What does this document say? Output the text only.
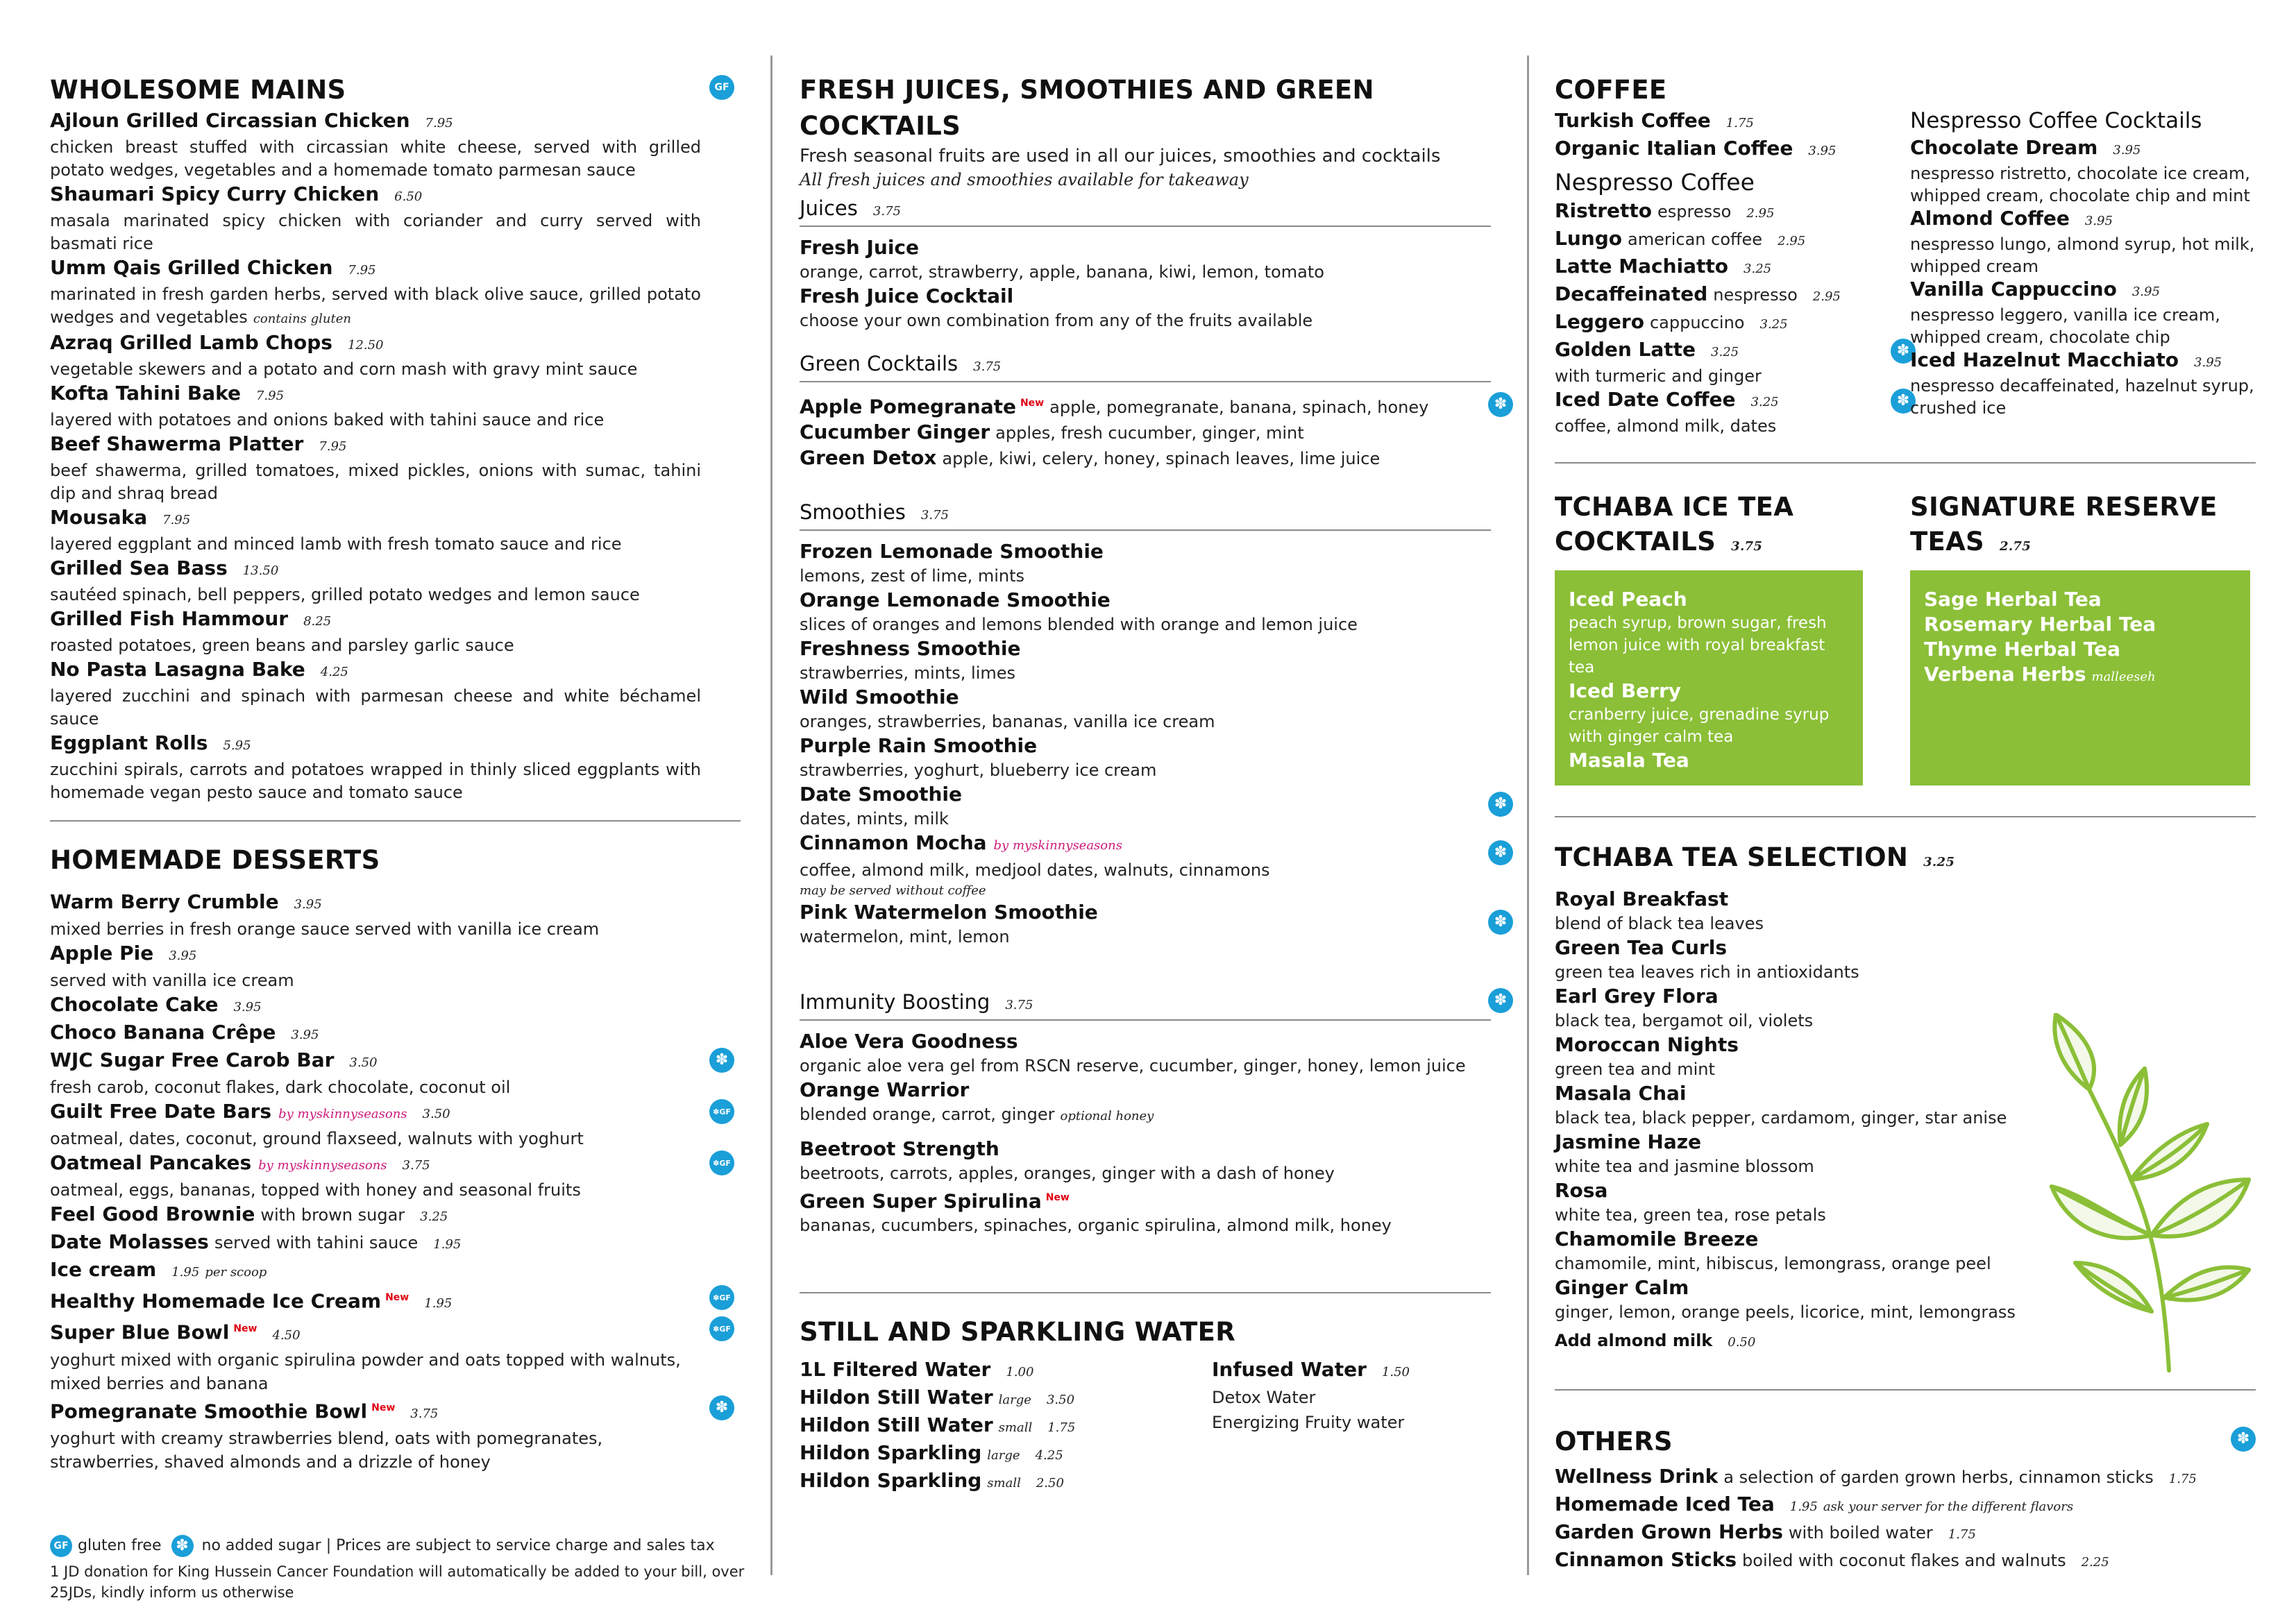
WHOLESOME MAINS
GF
Ajloun Grilled Circassian Chicken 7.95
chicken breast stuffed with circassian white cheese, served with grilled potato wedges, vegetables and a homemade tomato parmesan sauce
Shaumari Spicy Curry Chicken 6.50
masala marinated spicy chicken with coriander and curry served with basmati rice
Umm Qais Grilled Chicken 7.95
marinated in fresh garden herbs, served with black olive sauce, grilled potato wedges and vegetables contains gluten
Azraq Grilled Lamb Chops 12.50
vegetable skewers and a potato and corn mash with gravy mint sauce
Kofta Tahini Bake 7.95
layered with potatoes and onions baked with tahini sauce and rice
Beef Shawerma Platter 7.95
beef shawerma, grilled tomatoes, mixed pickles, onions with sumac, tahini dip and shraq bread
Mousaka 7.95
layered eggplant and minced lamb with fresh tomato sauce and rice
Grilled Sea Bass 13.50
sautéed spinach, bell peppers, grilled potato wedges and lemon sauce
Grilled Fish Hammour 8.25
roasted potatoes, green beans and parsley garlic sauce
No Pasta Lasagna Bake 4.25
layered zucchini and spinach with parmesan cheese and white béchamel sauce
Eggplant Rolls 5.95
zucchini spirals, carrots and potatoes wrapped in thinly sliced eggplants with homemade vegan pesto sauce and tomato sauce
HOMEMADE DESSERTS
Warm Berry Crumble 3.95
mixed berries in fresh orange sauce served with vanilla ice cream
Apple Pie 3.95
served with vanilla ice cream
Chocolate Cake 3.95
Choco Banana Crêpe 3.95
WJC Sugar Free Carob Bar 3.50
fresh carob, coconut flakes, dark chocolate, coconut oil
✽
Guilt Free Date Bars by myskinnyseasons 3.50
oatmeal, dates, coconut, ground flaxseed, walnuts with yoghurt
✽GF
Oatmeal Pancakes by myskinnyseasons 3.75
oatmeal, eggs, bananas, topped with honey and seasonal fruits
✽GF
Feel Good Brownie with brown sugar 3.25
Date Molasses served with tahini sauce 1.95
Ice cream 1.95 per scoop
Healthy Homemade Ice Cream $^{New}$ 1.95
✽GF
Super Blue Bowl $^{New}$ 4.50
yoghurt mixed with organic spirulina powder and oats topped with walnuts, mixed berries and banana
✽GF
Pomegranate Smoothie Bowl $^{New}$ 3.75
yoghurt with creamy strawberries blend, oats with pomegranates, strawberries, shaved almonds and a drizzle of honey
✽
GF
gluten free
✽	no added sugar | Prices are subject to service charge and sales tax
1 JD donation for King Hussein Cancer Foundation will automatically be added to your bill, over 25JDs, kindly inform us otherwise
FRESH JUICES, SMOOTHIES AND GREEN COCKTAILS
Fresh seasonal fruits are used in all our juices, smoothies and cocktails
All fresh juices and smoothies available for takeaway
Juices 3.75
Fresh Juice
orange, carrot, strawberry, apple, banana, kiwi, lemon, tomato
Fresh Juice Cocktail
choose your own combination from any of the fruits available
Green Cocktails 3.75
Apple Pomegranate $^{New}$ apple, pomegranate, banana, spinach, honey
✽
Cucumber Ginger apples, fresh cucumber, ginger, mint
Green Detox apple, kiwi, celery, honey, spinach leaves, lime juice
Smoothies 3.75
Frozen Lemonade Smoothie
lemons, zest of lime, mints
Orange Lemonade Smoothie
slices of oranges and lemons blended with orange and lemon juice
Freshness Smoothie
strawberries, mints, limes
Wild Smoothie
oranges, strawberries, bananas, vanilla ice cream
Purple Rain Smoothie
strawberries, yoghurt, blueberry ice cream
Date Smoothie
dates, mints, milk
✽
Cinnamon Mocha by myskinnyseasons
coffee, almond milk, medjool dates, walnuts, cinnamons
may be served without coffee
✽
Pink Watermelon Smoothie
watermelon, mint, lemon
✽
Immunity Boosting 3.75
Aloe Vera Goodness
organic aloe vera gel from RSCN reserve, cucumber, ginger, honey, lemon juice
Orange Warrior
blended orange, carrot, ginger optional honey
Beetroot Strength
beetroots, carrots, apples, oranges, ginger with a dash of honey
Green Super Spirulina $^{New}$
bananas, cucumbers, spinaches, organic spirulina, almond milk, honey
✽
STILL AND SPARKLING WATER
1L Filtered Water 1.00
Hildon Still Water large 3.50
Hildon Still Water small 1.75
Hildon Sparkling large 4.25
Hildon Sparkling small 2.50
Infused Water 1.50
Detox Water
Energizing Fruity water
COFFEE
Turkish Coffee 1.75
Organic Italian Coffee 3.95
Nespresso Coffee
Ristretto espresso 2.95
Lungo american coffee 2.95
Latte Machiatto 3.25
Decaffeinated nespresso 2.95
Leggero cappuccino 3.25
Golden Latte 3.25
with turmeric and ginger
✽
Iced Date Coffee 3.25
coffee, almond milk, dates
✽
Nespresso Coffee Cocktails
Chocolate Dream 3.95
nespresso ristretto, chocolate ice cream, whipped cream, chocolate chip and mint
Almond Coffee 3.95
nespresso lungo, almond syrup, hot milk, whipped cream
Vanilla Cappuccino 3.95
nespresso leggero, vanilla ice cream, whipped cream, chocolate chip
Iced Hazelnut Macchiato 3.95
nespresso decaffeinated, hazelnut syrup, crushed ice
TCHABA ICE TEA
COCKTAILS 3.75
Iced Peach
peach syrup, brown sugar, fresh lemon juice with royal breakfast tea
Iced Berry
cranberry juice, grenadine syrup with ginger calm tea
Masala Tea
SIGNATURE RESERVE
TEAS 2.75
Sage Herbal Tea
Rosemary Herbal Tea
Thyme Herbal Tea
Verbena Herbs malleeseh
TCHABA TEA SELECTION 3.25
Royal Breakfast
blend of black tea leaves
Green Tea Curls
green tea leaves rich in antioxidants
Earl Grey Flora
black tea, bergamot oil, violets
Moroccan Nights
green tea and mint
Masala Chai
black tea, black pepper, cardamom, ginger, star anise
Jasmine Haze
white tea and jasmine blossom
Rosa
white tea, green tea, rose petals
Chamomile Breeze
chamomile, mint, hibiscus, lemongrass, orange peel
Ginger Calm
ginger, lemon, orange peels, licorice, mint, lemongrass
Add almond milk 0.50
OTHERS
✽
Wellness Drink a selection of garden grown herbs, cinnamon sticks 1.75
Homemade Iced Tea 1.95 ask your server for the different flavors
Garden Grown Herbs with boiled water 1.75
Cinnamon Sticks boiled with coconut flakes and walnuts 2.25
